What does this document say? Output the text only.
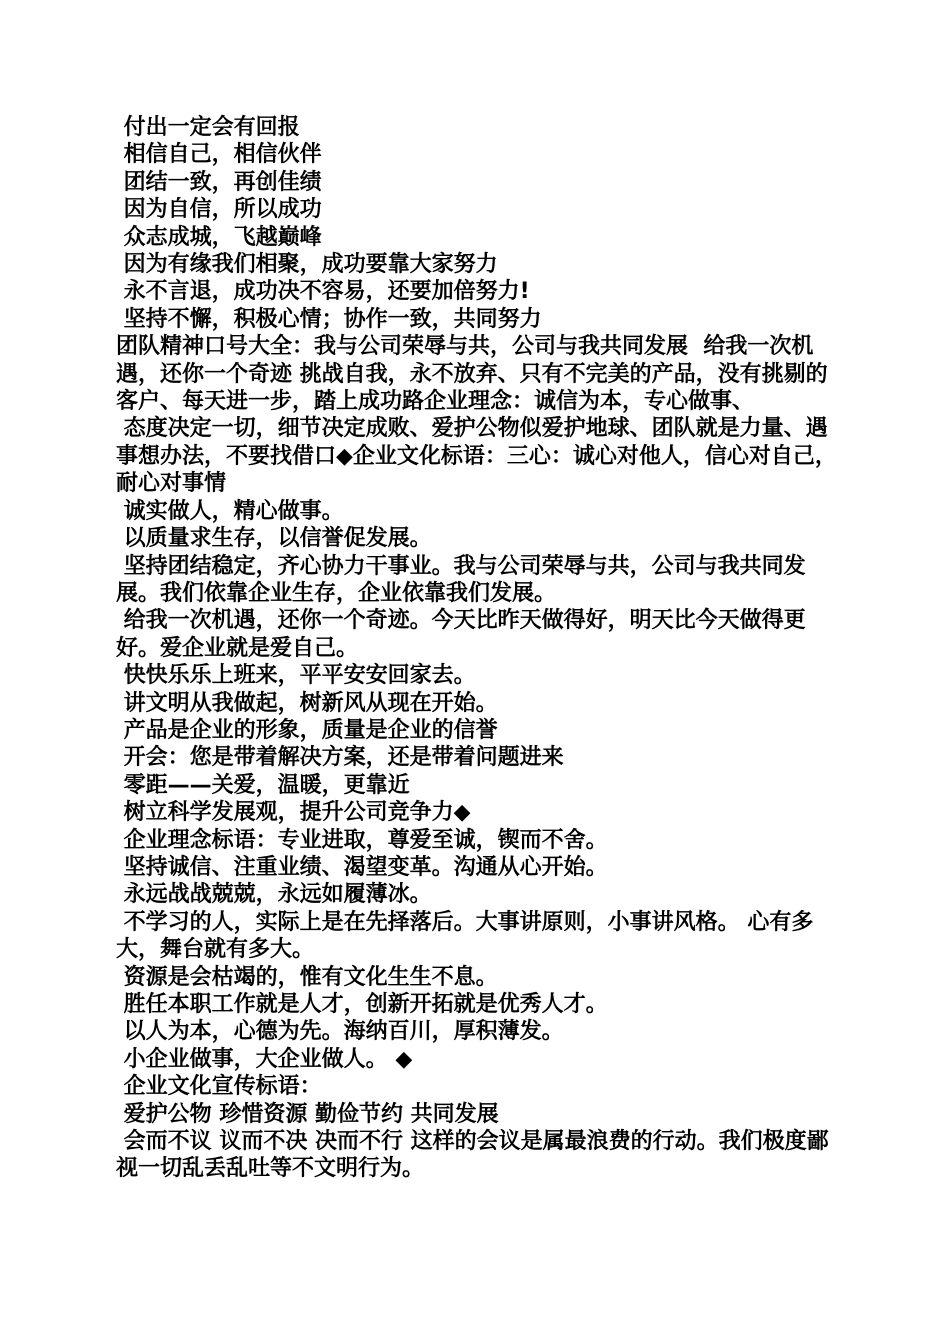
付出一定会有回报

相信自己，相信伙伴

团结一致，再创佳绩

因为自信，所以成功

众志成城，飞越巅峰

因为有缘我们相聚，成功要靠大家努力

永不言退，成功决不容易，还要加倍努力!

坚持不懈，积极心情；协作一致，共同努力

团队精神口号大全：我与公司荣辱与共，公司与我共同发展  给我一次机遇，还你一个奇迹 挑战自我，永不放弃、只有不完美的产品，没有挑剔的客户、每天进一步，踏上成功路企业理念：诚信为本，专心做事、

态度决定一切，细节决定成败、爱护公物似爱护地球、团队就是力量、遇事想办法，不要找借口◆企业文化标语：三心：诚心对他人，信心对自己，耐心对事情

诚实做人，精心做事。

以质量求生存，以信誉促发展。

坚持团结稳定，齐心协力干事业。我与公司荣辱与共，公司与我共同发展。我们依靠企业生存，企业依靠我们发展。

给我一次机遇，还你一个奇迹。今天比昨天做得好，明天比今天做得更好。爱企业就是爱自己。

快快乐乐上班来，平平安安回家去。

讲文明从我做起，树新风从现在开始。

产品是企业的形象，质量是企业的信誉

开会：您是带着解决方案，还是带着问题进来

零距——关爱，温暖，更靠近

树立科学发展观，提升公司竞争力◆

企业理念标语：专业进取，尊爱至诚，锲而不舍。

坚持诚信、注重业绩、渴望变革。沟通从心开始。

永远战战兢兢，永远如履薄冰。

不学习的人，实际上是在先择落后。大事讲原则，小事讲风格。 心有多大，舞台就有多大。

资源是会枯竭的，惟有文化生生不息。

胜任本职工作就是人才，创新开拓就是优秀人才。

以人为本，心德为先。海纳百川，厚积薄发。

小企业做事，大企业做人。 ◆

企业文化宣传标语：

爱护公物 珍惜资源 勤俭节约 共同发展

会而不议 议而不决 决而不行 这样的会议是属最浪费的行动。我们极度鄙视一切乱丢乱吐等不文明行为。
